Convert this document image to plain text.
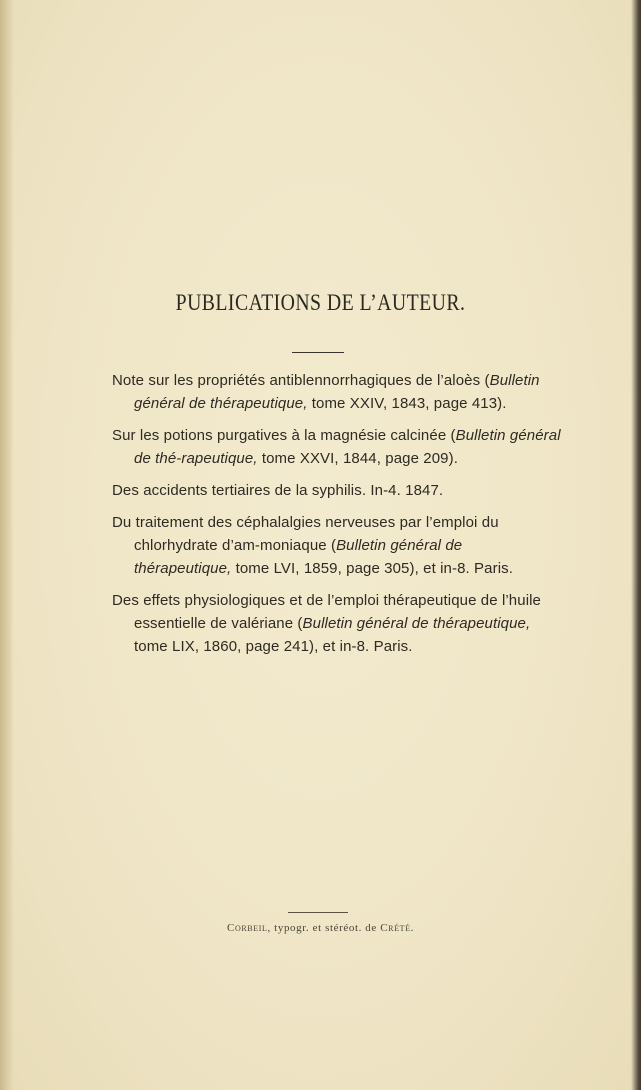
PUBLICATIONS DE L’AUTEUR.

Note sur les propriétés antiblennorrhagiques de l’aloès (Bulletin général de thérapeutique, tome XXIV, 1843, page 413).

Sur les potions purgatives à la magnésie calcinée (Bulletin général de thé-rapeutique, tome XXVI, 1844, page 209).

Des accidents tertiaires de la syphilis. In-4. 1847.

Du traitement des céphalalgies nerveuses par l’emploi du chlorhydrate d’am-moniaque (Bulletin général de thérapeutique, tome LVI, 1859, page 305), et in-8. Paris.

Des effets physiologiques et de l’emploi thérapeutique de l’huile essentielle de valériane (Bulletin général de thérapeutique, tome LIX, 1860, page 241), et in-8. Paris.

Corbeil, typogr. et stéréot. de Crété.
